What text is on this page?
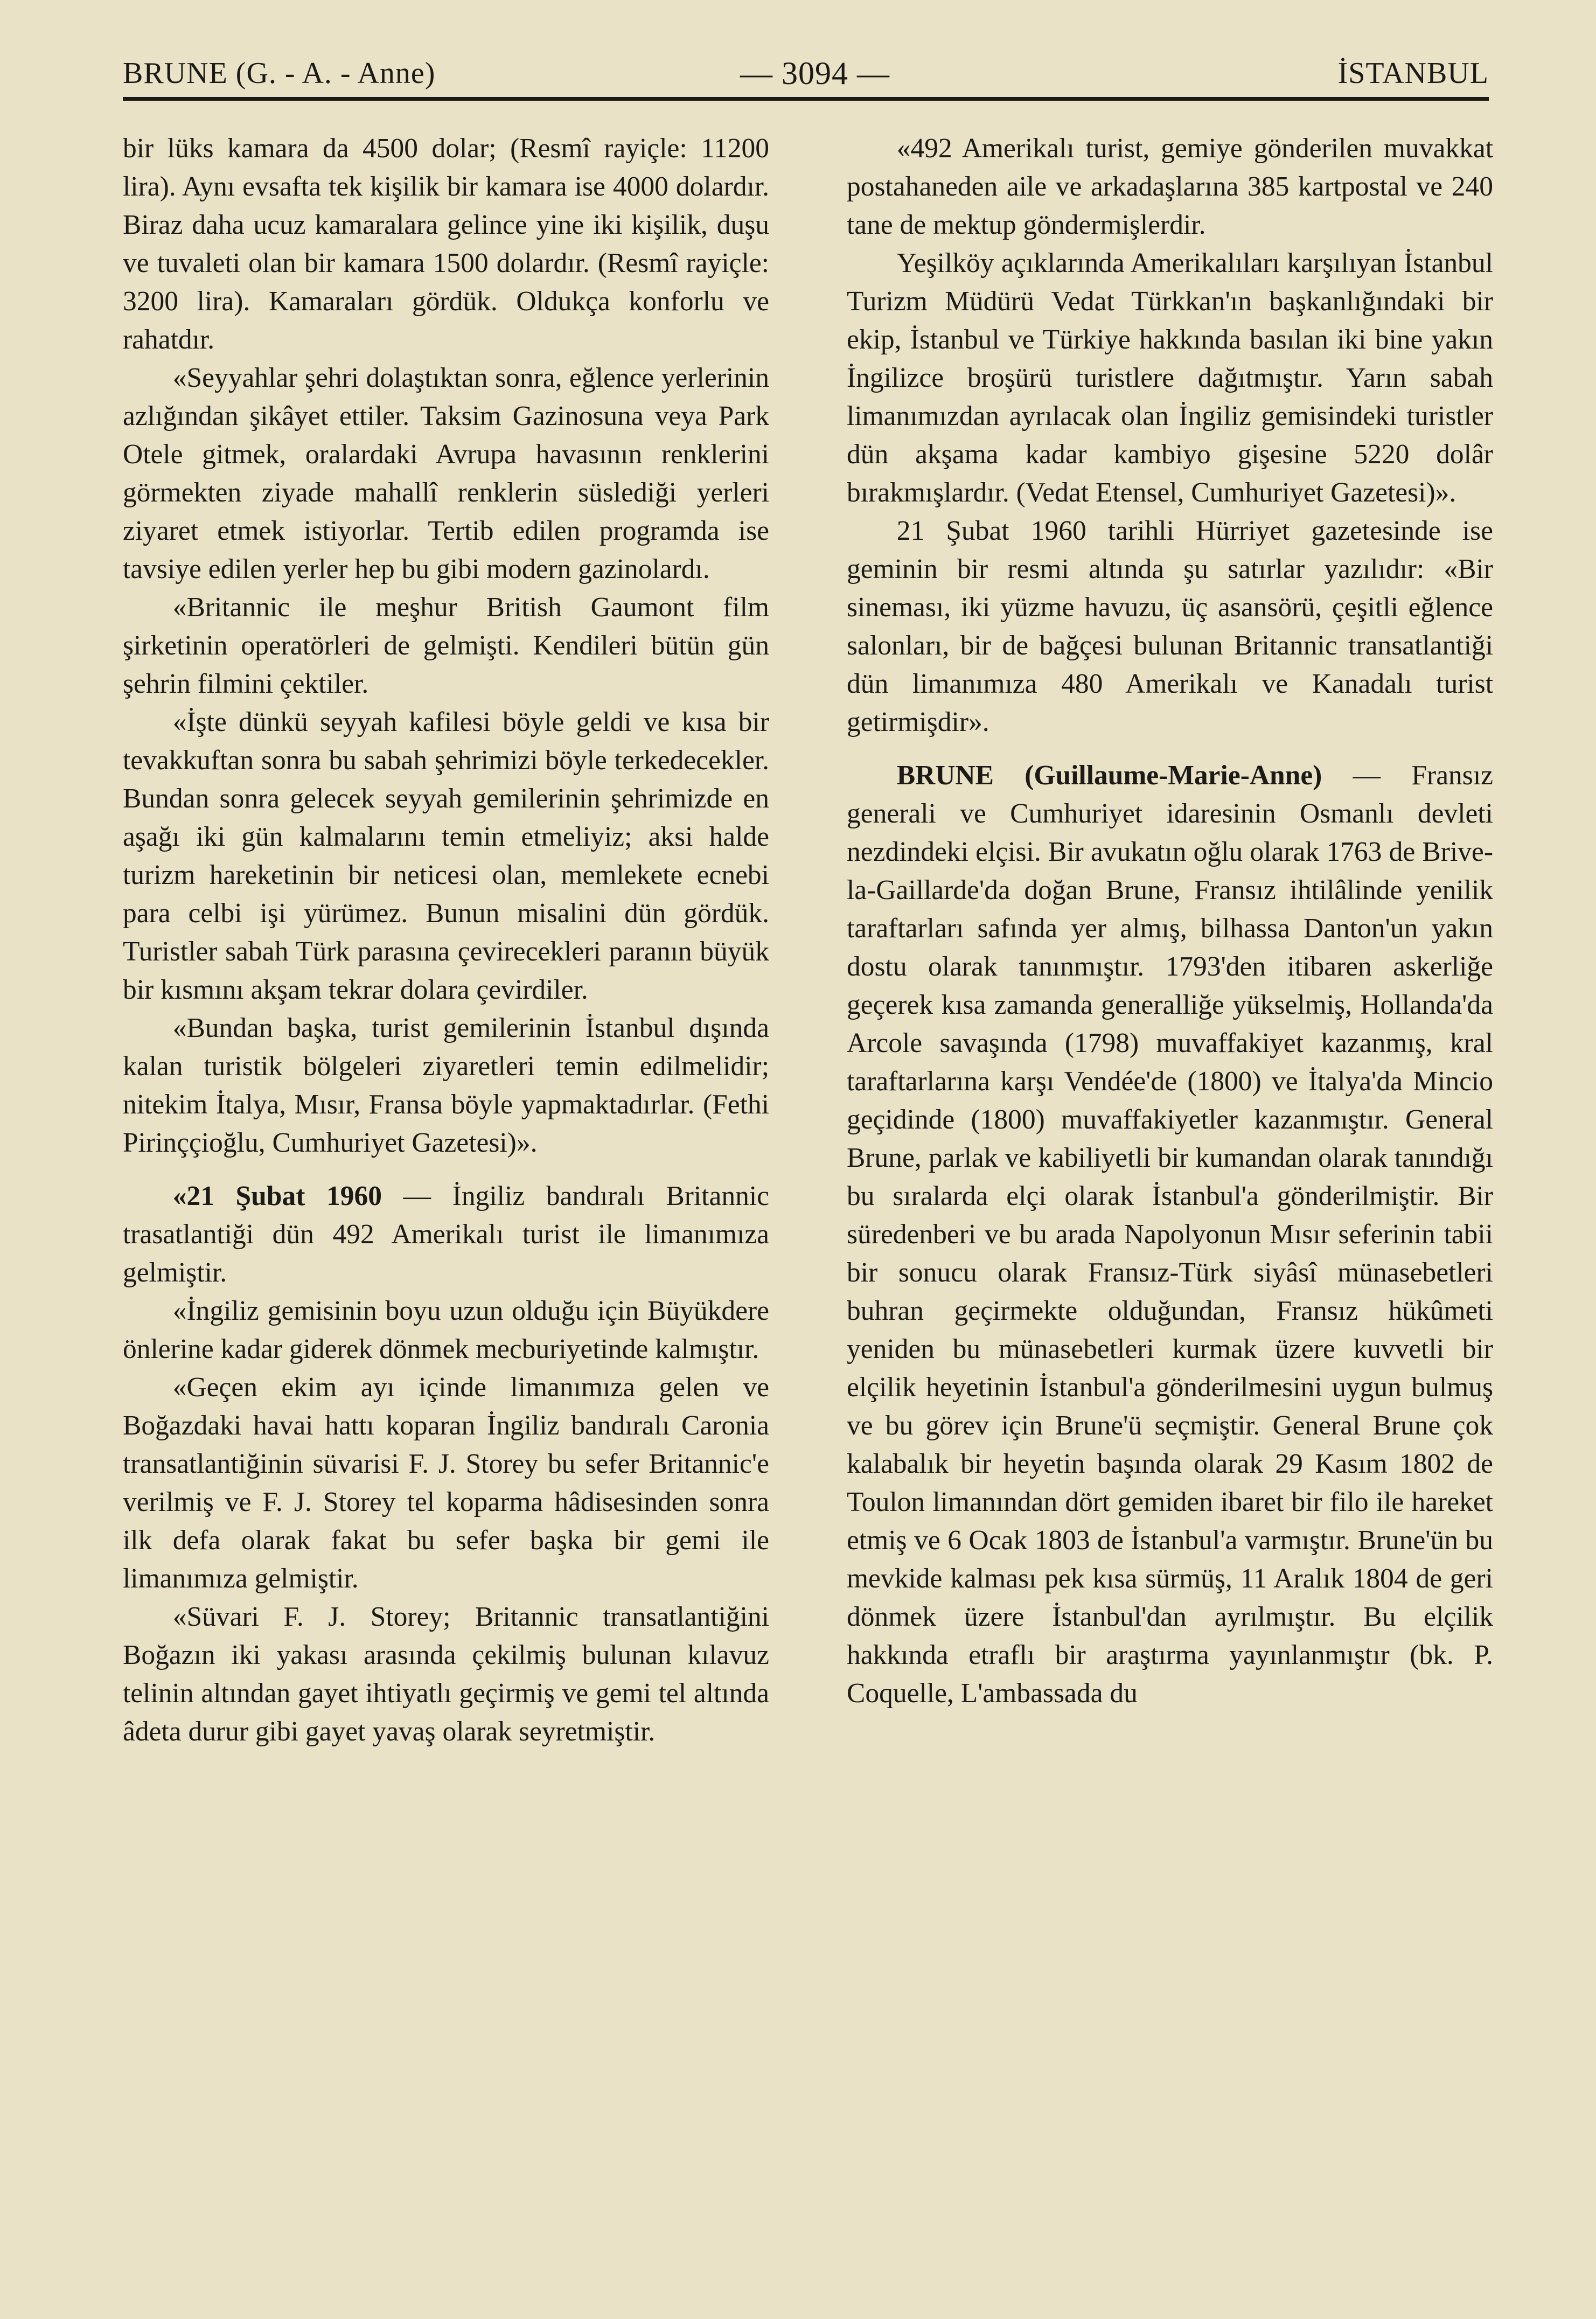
BRUNE (G. - A. - Anne)	— 3094 —	İSTANBUL

bir lüks kamara da 4500 dolar; (Resmî rayiçle: 11200 lira). Aynı evsafta tek kişilik bir kamara ise 4000 dolardır. Biraz daha ucuz kamaralara gelince yine iki kişilik, duşu ve tuvaleti olan bir kamara 1500 dolardır. (Resmî rayiçle: 3200 lira). Kamaraları gördük. Oldukça konforlu ve rahatdır.

«Seyyahlar şehri dolaştıktan sonra, eğlence yerlerinin azlığından şikâyet ettiler. Taksim Gazinosuna veya Park Otele gitmek, oralardaki Avrupa havasının renklerini görmekten ziyade mahallî renklerin süslediği yerleri ziyaret etmek istiyorlar. Tertib edilen programda ise tavsiye edilen yerler hep bu gibi modern gazinolardı.

«Britannic ile meşhur British Gaumont film şirketinin operatörleri de gelmişti. Kendileri bütün gün şehrin filmini çektiler.

«İşte dünkü seyyah kafilesi böyle geldi ve kısa bir tevakkuftan sonra bu sabah şehrimizi böyle terkedecekler. Bundan sonra gelecek seyyah gemilerinin şehrimizde en aşağı iki gün kalmalarını temin etmeliyiz; aksi halde turizm hareketinin bir neticesi olan, memlekete ecnebi para celbi işi yürümez. Bunun misalini dün gördük. Turistler sabah Türk parasına çevirecekleri paranın büyük bir kısmını akşam tekrar dolara çevirdiler.

«Bundan başka, turist gemilerinin İstanbul dışında kalan turistik bölgeleri ziyaretleri temin edilmelidir; nitekim İtalya, Mısır, Fransa böyle yapmaktadırlar. (Fethi Pirinççioğlu, Cumhuriyet Gazetesi)».

«21 Şubat 1960 — İngiliz bandıralı Britannic trasatlantiği dün 492 Amerikalı turist ile limanımıza gelmiştir.

«İngiliz gemisinin boyu uzun olduğu için Büyükdere önlerine kadar giderek dönmek mecburiyetinde kalmıştır.

«Geçen ekim ayı içinde limanımıza gelen ve Boğazdaki havai hattı koparan İngiliz bandıralı Caronia transatlantiğinin süvarisi F. J. Storey bu sefer Britannic'e verilmiş ve F. J. Storey tel koparma hâdisesinden sonra ilk defa olarak fakat bu sefer başka bir gemi ile limanımıza gelmiştir.

«Süvari F. J. Storey; Britannic transatlantiğini Boğazın iki yakası arasında çekilmiş bulunan kılavuz telinin altından gayet ihtiyatlı geçirmiş ve gemi tel altında âdeta durur gibi gayet yavaş olarak seyretmiştir.

«492 Amerikalı turist, gemiye gönderilen muvakkat postahaneden aile ve arkadaşlarına 385 kartpostal ve 240 tane de mektup göndermişlerdir.

Yeşilköy açıklarında Amerikalıları karşılıyan İstanbul Turizm Müdürü Vedat Türkkan'ın başkanlığındaki bir ekip, İstanbul ve Türkiye hakkında basılan iki bine yakın İngilizce broşürü turistlere dağıtmıştır. Yarın sabah limanımızdan ayrılacak olan İngiliz gemisindeki turistler dün akşama kadar kambiyo gişesine 5220 dolâr bırakmışlardır. (Vedat Etensel, Cumhuriyet Gazetesi)».

21 Şubat 1960 tarihli Hürriyet gazetesinde ise geminin bir resmi altında şu satırlar yazılıdır: «Bir sineması, iki yüzme havuzu, üç asansörü, çeşitli eğlence salonları, bir de bağçesi bulunan Britannic transatlantiği dün limanımıza 480 Amerikalı ve Kanadalı turist getirmişdir».

BRUNE (Guillaume-Marie-Anne) — Fransız generali ve Cumhuriyet idaresinin Osmanlı devleti nezdindeki elçisi. Bir avukatın oğlu olarak 1763 de Brive-la-Gaillarde'da doğan Brune, Fransız ihtilâlinde yenilik taraftarları safında yer almış, bilhassa Danton'un yakın dostu olarak tanınmıştır. 1793'den itibaren askerliğe geçerek kısa zamanda generalliğe yükselmiş, Hollanda'da Arcole savaşında (1798) muvaffakiyet kazanmış, kral taraftarlarına karşı Vendée'de (1800) ve İtalya'da Mincio geçidinde (1800) muvaffakiyetler kazanmıştır. General Brune, parlak ve kabiliyetli bir kumandan olarak tanındığı bu sıralarda elçi olarak İstanbul'a gönderilmiştir. Bir süredenberi ve bu arada Napolyonun Mısır seferinin tabii bir sonucu olarak Fransız-Türk siyâsî münasebetleri buhran geçirmekte olduğundan, Fransız hükûmeti yeniden bu münasebetleri kurmak üzere kuvvetli bir elçilik heyetinin İstanbul'a gönderilmesini uygun bulmuş ve bu görev için Brune'ü seçmiştir. General Brune çok kalabalık bir heyetin başında olarak 29 Kasım 1802 de Toulon limanından dört gemiden ibaret bir filo ile hareket etmiş ve 6 Ocak 1803 de İstanbul'a varmıştır. Brune'ün bu mevkide kalması pek kısa sürmüş, 11 Aralık 1804 de geri dönmek üzere İstanbul'dan ayrılmıştır. Bu elçilik hakkında etraflı bir araştırma yayınlanmıştır (bk. P. Coquelle, L'ambassada du
